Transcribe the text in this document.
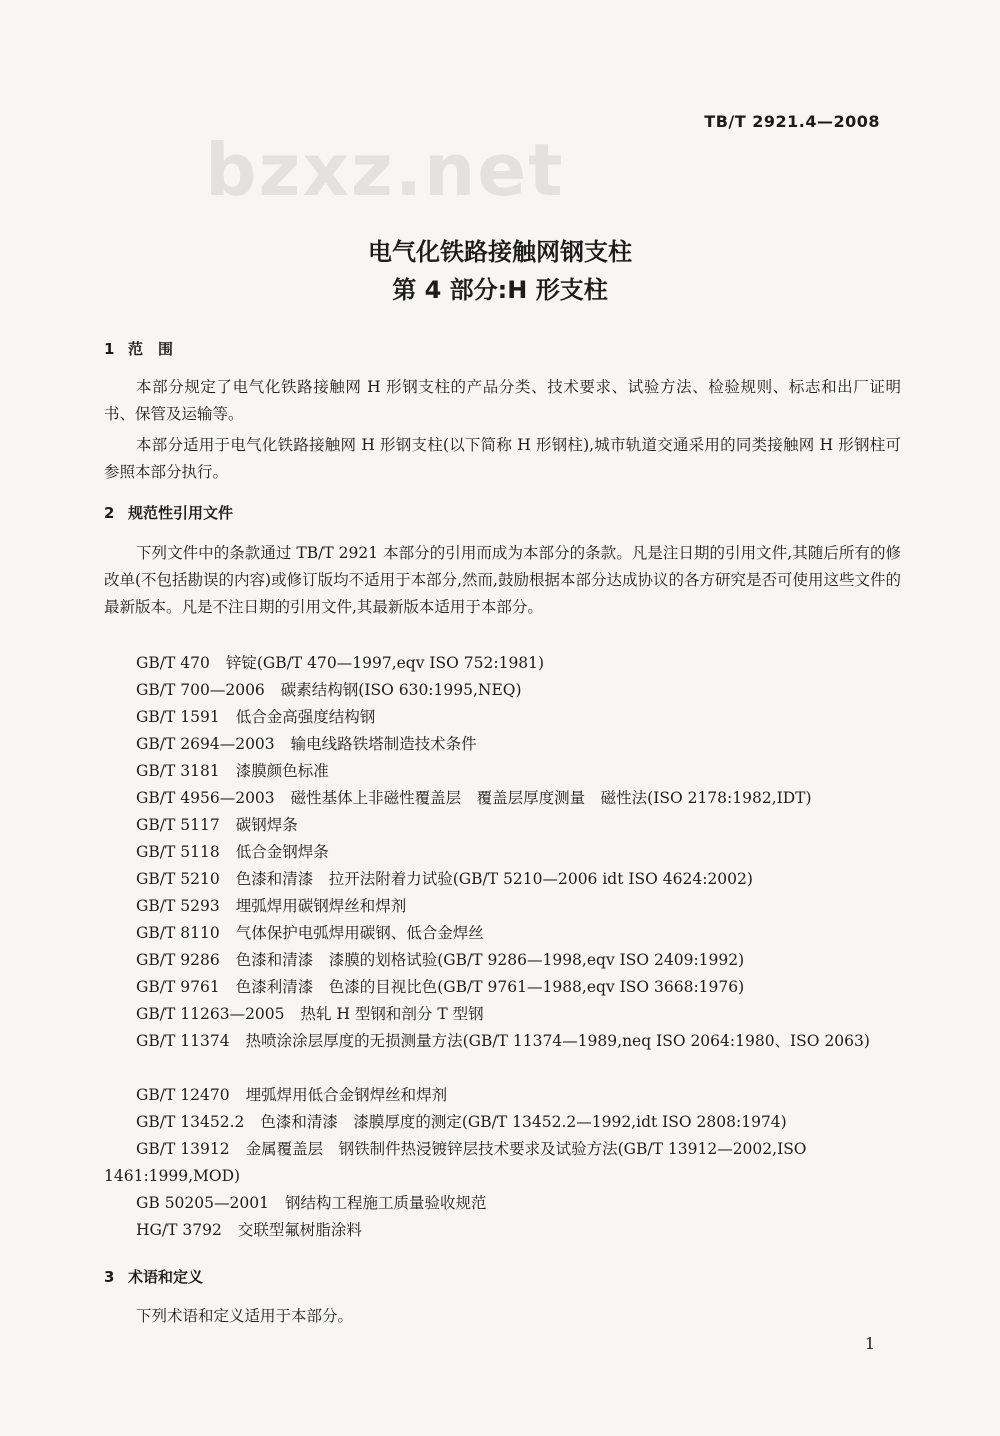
bzxz.net
TB/T 2921.4—2008
电气化铁路接触网钢支柱
第 4 部分:H 形支柱
1 范　围
本部分规定了电气化铁路接触网 H 形钢支柱的产品分类、技术要求、试验方法、检验规则、标志和出厂证明书、保管及运输等。
本部分适用于电气化铁路接触网 H 形钢支柱(以下简称 H 形钢柱),城市轨道交通采用的同类接触网 H 形钢柱可参照本部分执行。
2 规范性引用文件
下列文件中的条款通过 TB/T 2921 本部分的引用而成为本部分的条款。凡是注日期的引用文件,其随后所有的修改单(不包括勘误的内容)或修订版均不适用于本部分,然而,鼓励根据本部分达成协议的各方研究是否可使用这些文件的最新版本。凡是不注日期的引用文件,其最新版本适用于本部分。
GB/T 470 锌锭(GB/T 470—1997,eqv ISO 752:1981)
GB/T 700—2006 碳素结构钢(ISO 630:1995,NEQ)
GB/T 1591 低合金高强度结构钢
GB/T 2694—2003 输电线路铁塔制造技术条件
GB/T 3181 漆膜颜色标准
GB/T 4956—2003 磁性基体上非磁性覆盖层　覆盖层厚度测量　磁性法(ISO 2178:1982,IDT)
GB/T 5117 碳钢焊条
GB/T 5118 低合金钢焊条
GB/T 5210 色漆和清漆　拉开法附着力试验(GB/T 5210—2006 idt ISO 4624:2002)
GB/T 5293 埋弧焊用碳钢焊丝和焊剂
GB/T 8110 气体保护电弧焊用碳钢、低合金焊丝
GB/T 9286 色漆和清漆　漆膜的划格试验(GB/T 9286—1998,eqv ISO 2409:1992)
GB/T 9761 色漆利清漆　色漆的目视比色(GB/T 9761—1988,eqv ISO 3668:1976)
GB/T 11263—2005 热轧 H 型钢和剖分 T 型钢
GB/T 11374 热喷涂涂层厚度的无损测量方法(GB/T 11374—1989,neq ISO 2064:1980、ISO 2063)
GB/T 12470 埋弧焊用低合金钢焊丝和焊剂
GB/T 13452.2 色漆和清漆　漆膜厚度的测定(GB/T 13452.2—1992,idt ISO 2808:1974)
GB/T 13912 金属覆盖层　钢铁制件热浸镀锌层技术要求及试验方法(GB/T 13912—2002,ISO 1461:1999,MOD)
GB 50205—2001 钢结构工程施工质量验收规范
HG/T 3792 交联型氟树脂涂料
3 术语和定义
下列术语和定义适用于本部分。
1
